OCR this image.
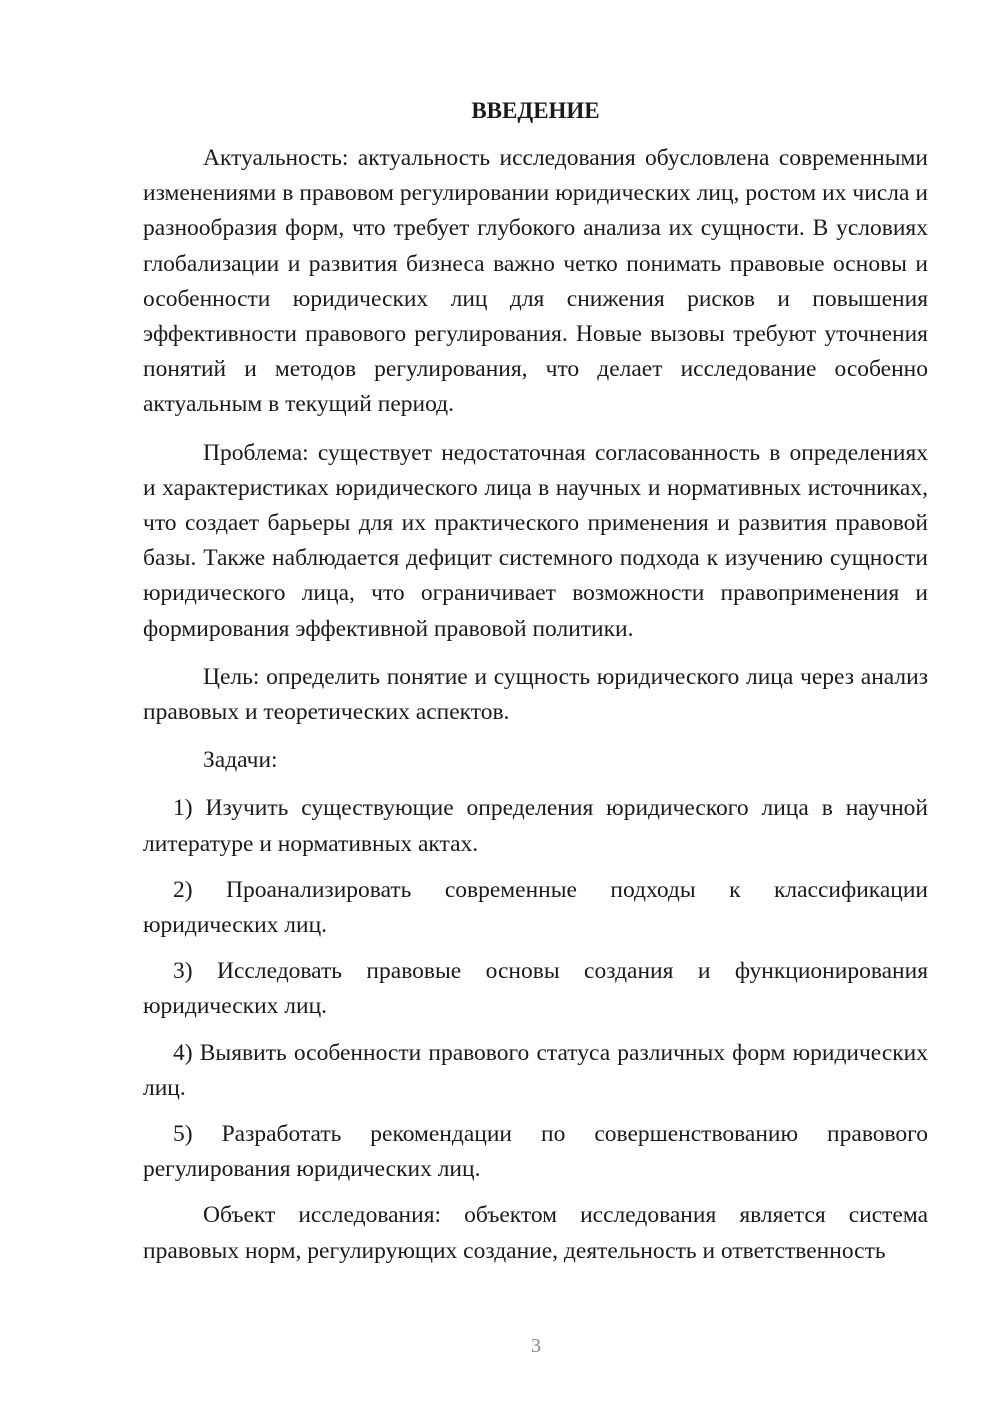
ВВЕДЕНИЕ

Актуальность: актуальность исследования обусловлена современными изменениями в правовом регулировании юридических лиц, ростом их числа и разнообразия форм, что требует глубокого анализа их сущности. В условиях глобализации и развития бизнеса важно четко понимать правовые основы и особенности юридических лиц для снижения рисков и повышения эффективности правового регулирования. Новые вызовы требуют уточнения понятий и методов регулирования, что делает исследование особенно актуальным в текущий период.

Проблема: существует недостаточная согласованность в определениях и характеристиках юридического лица в научных и нормативных источниках, что создает барьеры для их практического применения и развития правовой базы. Также наблюдается дефицит системного подхода к изучению сущности юридического лица, что ограничивает возможности правоприменения и формирования эффективной правовой политики.

Цель: определить понятие и сущность юридического лица через анализ правовых и теоретических аспектов.

Задачи:

1) Изучить существующие определения юридического лица в научной литературе и нормативных актах.

2) Проанализировать современные подходы к классификации юридических лиц.

3) Исследовать правовые основы создания и функционирования юридических лиц.

4) Выявить особенности правового статуса различных форм юридических лиц.

5) Разработать рекомендации по совершенствованию правового регулирования юридических лиц.

Объект исследования: объектом исследования является система правовых норм, регулирующих создание, деятельность и ответственность

3
